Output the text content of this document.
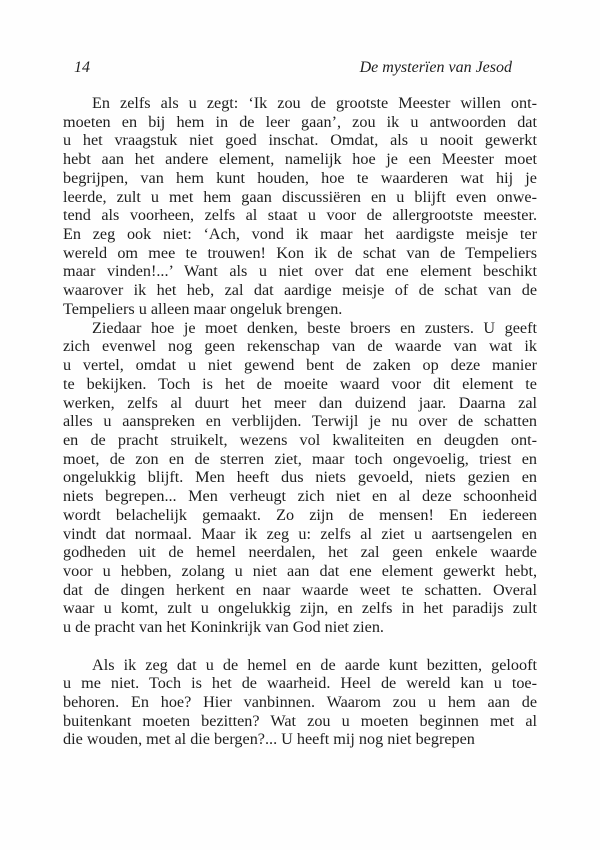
14	De mysterïen van Jesod
En zelfs als u zegt: ‘Ik zou de grootste Meester willen ont-
moeten en bij hem in de leer gaan’, zou ik u antwoorden dat
u het vraagstuk niet goed inschat. Omdat, als u nooit gewerkt
hebt aan het andere element, namelijk hoe je een Meester moet
begrijpen, van hem kunt houden, hoe te waarderen wat hij je
leerde, zult u met hem gaan discussiëren en u blijft even onwe-
tend als voorheen, zelfs al staat u voor de allergrootste meester.
En zeg ook niet: ‘Ach, vond ik maar het aardigste meisje ter
wereld om mee te trouwen! Kon ik de schat van de Tempeliers
maar vinden!...’ Want als u niet over dat ene element beschikt
waarover ik het heb, zal dat aardige meisje of de schat van de
Tempeliers u alleen maar ongeluk brengen.
Ziedaar hoe je moet denken, beste broers en zusters. U geeft
zich evenwel nog geen rekenschap van de waarde van wat ik
u vertel, omdat u niet gewend bent de zaken op deze manier
te bekijken. Toch is het de moeite waard voor dit element te
werken, zelfs al duurt het meer dan duizend jaar. Daarna zal
alles u aanspreken en verblijden. Terwijl je nu over de schatten
en de pracht struikelt, wezens vol kwaliteiten en deugden ont-
moet, de zon en de sterren ziet, maar toch ongevoelig, triest en
ongelukkig blijft. Men heeft dus niets gevoeld, niets gezien en
niets begrepen... Men verheugt zich niet en al deze schoonheid
wordt belachelijk gemaakt. Zo zijn de mensen! En iedereen
vindt dat normaal. Maar ik zeg u: zelfs al ziet u aartsengelen en
godheden uit de hemel neerdalen, het zal geen enkele waarde
voor u hebben, zolang u niet aan dat ene element gewerkt hebt,
dat de dingen herkent en naar waarde weet te schatten. Overal
waar u komt, zult u ongelukkig zijn, en zelfs in het paradijs zult
u de pracht van het Koninkrijk van God niet zien.
Als ik zeg dat u de hemel en de aarde kunt bezitten, gelooft
u me niet. Toch is het de waarheid. Heel de wereld kan u toe-
behoren. En hoe? Hier vanbinnen. Waarom zou u hem aan de
buitenkant moeten bezitten? Wat zou u moeten beginnen met al
die wouden, met al die bergen?... U heeft mij nog niet begrepen
